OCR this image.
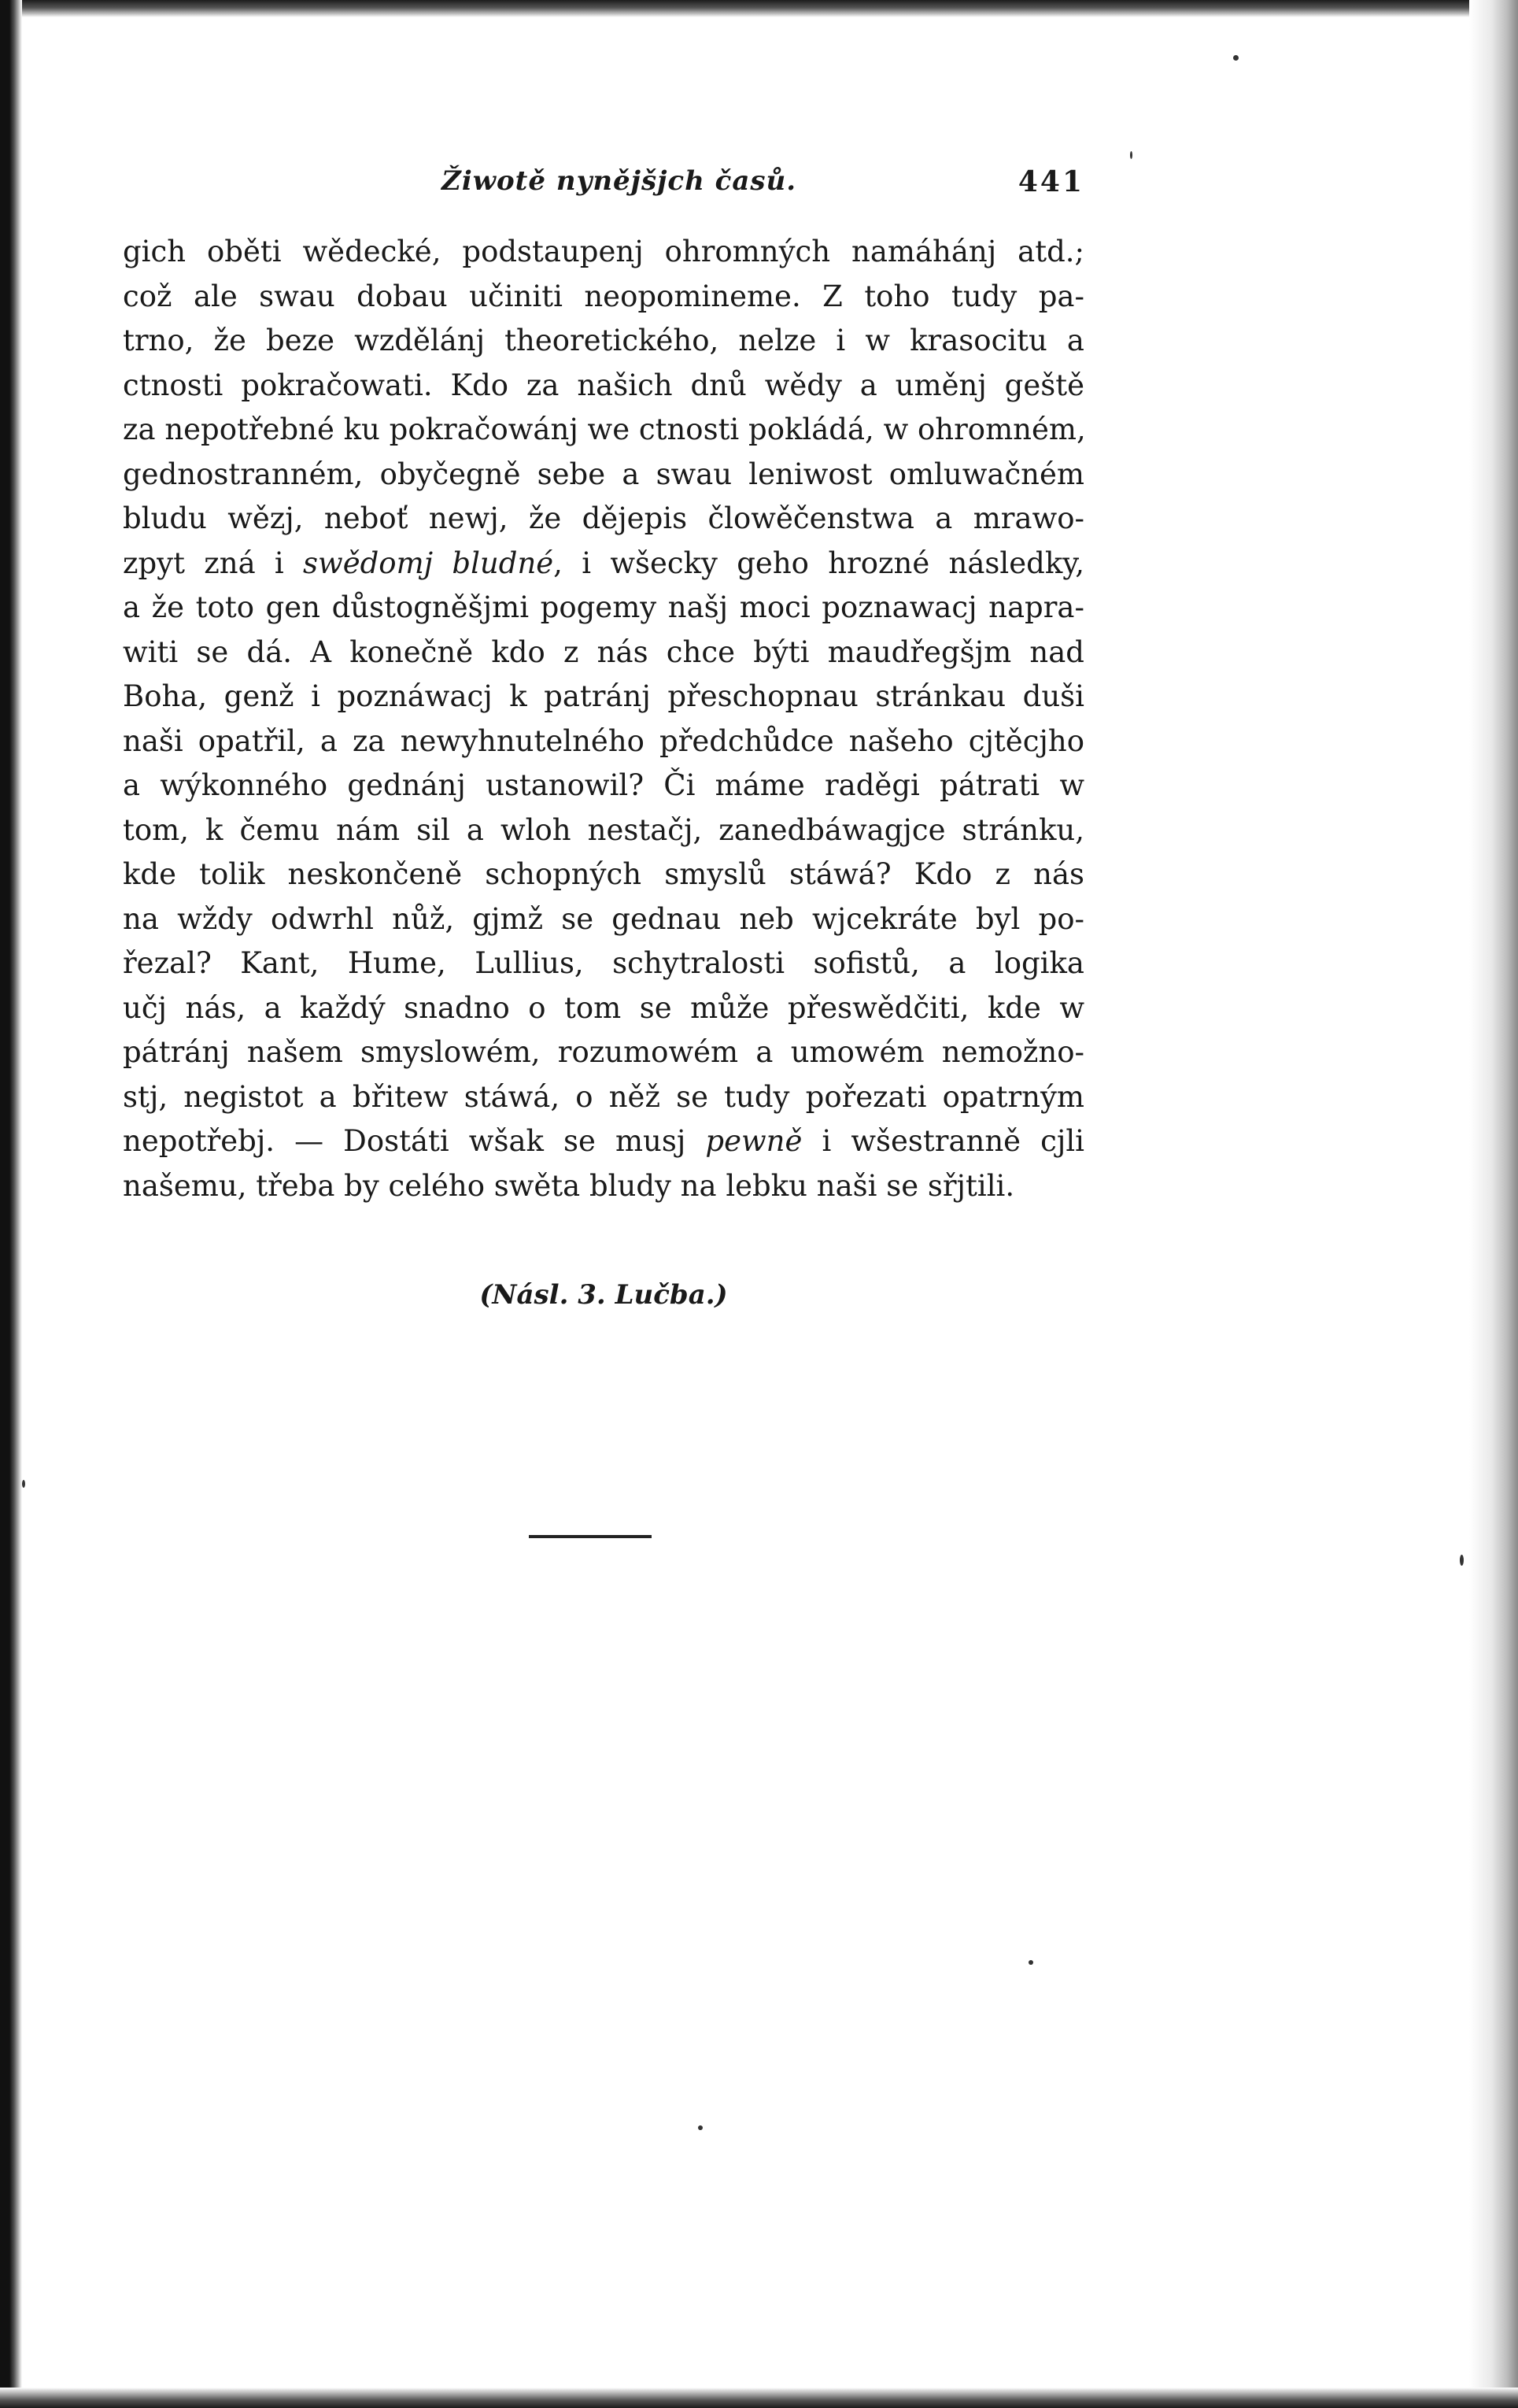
Žiwotě nynějšjch časů.	441
gich oběti wědecké, podstaupenj ohromných namáhánj atd.;
což ale swau dobau učiniti neopomineme. Z toho tudy pa-
trno, že beze wzdělánj theoretického, nelze i w krasocitu a
ctnosti pokračowati. Kdo za našich dnů wědy a uměnj geště
za nepotřebné ku pokračowánj we ctnosti pokládá, w ohromném,
gednostranném, obyčegně sebe a swau leniwost omluwačném
bludu wězj, neboť newj, že dějepis člowěčenstwa a mrawo-
zpyt zná i swědomj bludné, i wšecky geho hrozné následky,
a že toto gen důstogněšjmi pogemy našj moci poznawacj napra-
witi se dá. A konečně kdo z nás chce býti maudřegšjm nad
Boha, genž i poznáwacj k patránj přeschopnau stránkau duši
naši opatřil, a za newyhnutelného předchůdce našeho cjtěcjho
a wýkonného gednánj ustanowil? Či máme raděgi pátrati w
tom, k čemu nám sil a wloh nestačj, zanedbáwagjce stránku,
kde tolik neskončeně schopných smyslů stáwá? Kdo z nás
na wždy odwrhl nůž, gjmž se gednau neb wjcekráte byl po-
řezal? Kant, Hume, Lullius, schytralosti sofistů, a logika
učj nás, a každý snadno o tom se může přeswědčiti, kde w
pátránj našem smyslowém, rozumowém a umowém nemožno-
stj, negistot a břitew stáwá, o něž se tudy pořezati opatrným
nepotřebj. — Dostáti wšak se musj pewně i wšestranně cjli
našemu, třeba by celého swěta bludy na lebku naši se sřjtili.
(Násl. 3. Lučba.)
